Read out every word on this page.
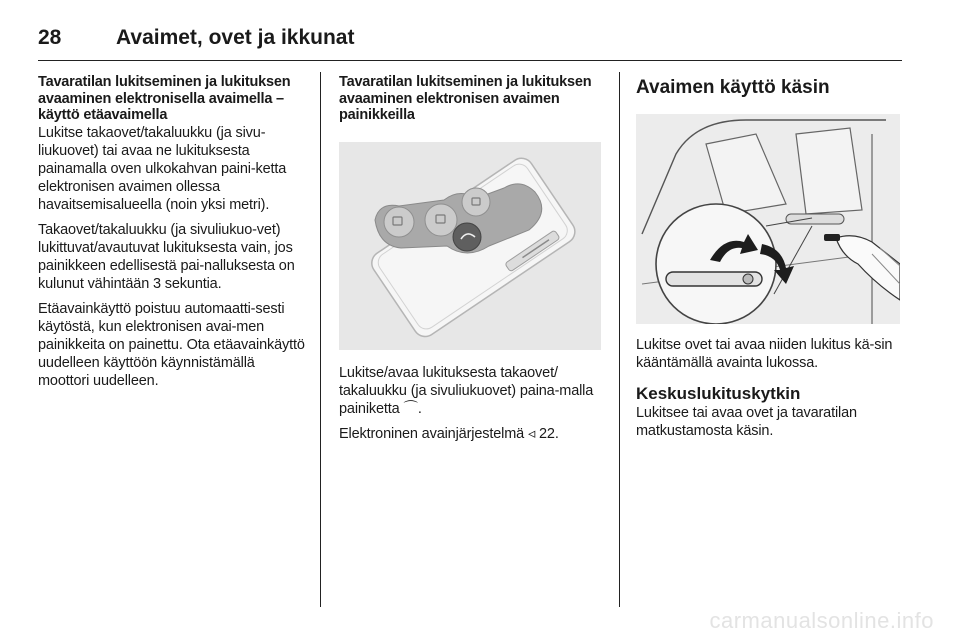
28	Avaimet, ovet ja ikkunat
Tavaratilan lukitseminen ja lukituksen avaaminen elektronisella avaimella – käyttö etäavaimella

Lukitse takaovet/takaluukku (ja sivu-liukuovet) tai avaa ne lukituksesta painamalla oven ulkokahvan paini-ketta elektronisen avaimen ollessa havaitsemisalueella (noin yksi metri).

Takaovet/takaluukku (ja sivuliukuo-vet) lukittuvat/avautuvat lukituksesta vain, jos painikkeen edellisestä pai-nalluksesta on kulunut vähintään 3 sekuntia.

Etäavainkäyttö poistuu automaatti-sesti käytöstä, kun elektronisen avai-men painikkeita on painettu. Ota etäavainkäyttö uudelleen käyttöön käynnistämällä moottori uudelleen.

Tavaratilan lukitseminen ja lukituksen avaaminen elektronisen avaimen painikkeilla

Lukitse/avaa lukituksesta takaovet/ takaluukku (ja sivuliukuovet) paina-malla painiketta ⌒.

Elektroninen avainjärjestelmä ◃ 22.

Avaimen käyttö käsin

Lukitse ovet tai avaa niiden lukitus kä-sin kääntämällä avainta lukossa.

Keskuslukituskytkin

Lukitsee tai avaa ovet ja tavaratilan matkustamosta käsin.

carmanualsonline.info
